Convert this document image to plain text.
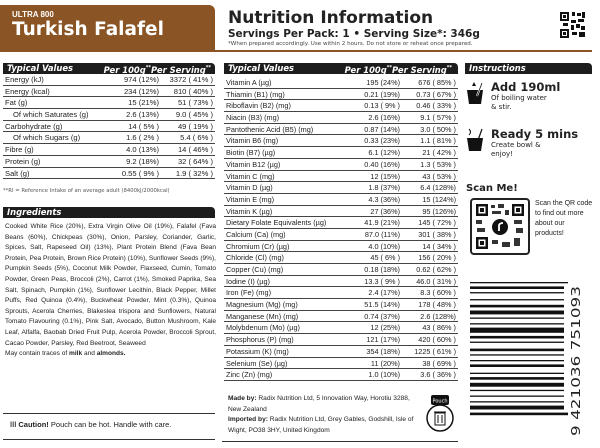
ULTRA 800
Turkish Falafel
Nutrition Information
Servings Per Pack: 1 • Serving Size*: 346g
*When prepared accordingly. Use within 2 hours. Do not store or reheat once prepared.
Typical Values	Per 100g** Per Serving**
Energy (kJ)	974 (12%)	3372 ( 41% )
Energy (kcal)	234 (12%)	810 ( 40% )
Fat (g)	15 (21%)	51 ( 73% )
Of which Saturates (g)	2.6 (13%)	9.0 ( 45% )
Carbohydrate (g)	14 ( 5% )	49 ( 19% )
Of which Sugars (g)	1.6 ( 2% )	5.4 ( 6% )
Fibre (g)	4.0 (13%)	14 ( 46% )
Protein (g)	9.2 (18%)	32 ( 64% )
Salt (g)	0.55 ( 9% )	1.9 ( 32% )
**RI = Reference Intake of an average adult (8400kJ/2000kcal)
Ingredients
Cooked White Rice (20%), Extra Virgin Olive Oil (19%), Falafel (Fava Beans (60%), Chickpeas (30%), Onion, Parsley, Coriander, Garlic, Spices, Salt, Rapeseed Oil) (13%), Plant Protein Blend (Fava Bean Protein, Pea Protein, Brown Rice Protein) (10%), Sunflower Seeds (9%), Pumpkin Seeds (5%), Coconut Milk Powder, Flaxseed, Cumin, Tomato Powder, Green Peas, Broccoli (2%), Carrot (1%), Smoked Paprika, Sea Salt, Spinach, Pumpkin (1%), Sunflower Lecithin, Black Pepper, Millet Puffs, Red Quinoa (0.4%), Buckwheat Powder, Mint (0.3%), Quinoa Sprouts, Acerola Cherries, Blakeslea trispora and Sunflowers, Natural Tomato Flavouring (0.1%), Pink Salt, Avocado, Button Mushroom, Kale Leaf, Alfalfa, Baobab Dried Fruit Pulp, Acerola Powder, Broccoli Sprout, Cacao Powder, Parsley, Red Beetroot, Seaweed
May contain traces of milk and almonds.
ǀǀǀ Caution! Pouch can be hot. Handle with care.
Typical Values	Per 100g** Per Serving**
Vitamin A (µg)	195 (24%)	676 ( 85% )
Thiamin (B1) (mg)	0.21 (19%)	0.73 ( 67% )
Riboflavin (B2) (mg)	0.13 ( 9% )	0.46 ( 33% )
Niacin (B3) (mg)	2.6 (16%)	9.1 ( 57% )
Pantothenic Acid (B5) (mg)	0.87 (14%)	3.0 ( 50% )
Vitamin B6 (mg)	0.33 (23%)	1.1 ( 81% )
Biotin (B7) (µg)	6.1 (12%)	21 ( 42% )
Vitamin B12 (µg)	0.40 (16%)	1.3 ( 53% )
Vitamin C (mg)	12 (15%)	43 ( 53% )
Vitamin D (µg)	1.8 (37%)	6.4 (128%)
Vitamin E (mg)	4.3 (36%)	15 (124%)
Vitamin K (µg)	27 (36%)	95 (126%)
Dietary Folate Equivalents (µg)	41.9 (21%)	145 ( 72% )
Calcium (Ca) (mg)	87.0 (11%)	301 ( 38% )
Chromium (Cr) (µg)	4.0 (10%)	14 ( 34% )
Chloride (Cl) (mg)	45 ( 6% )	156 ( 20% )
Copper (Cu) (mg)	0.18 (18%)	0.62 ( 62% )
Iodine (I) (µg)	13.3 ( 9% )	46.0 ( 31% )
Iron (Fe) (mg)	2.4 (17%)	8.3 ( 60% )
Magnesium (Mg) (mg)	51.5 (14%)	178 ( 48% )
Manganese (Mn) (mg)	0.74 (37%)	2.6 (128%)
Molybdenum (Mo) (µg)	12 (25%)	43 ( 86% )
Phosphorus (P) (mg)	121 (17%)	420 ( 60% )
Potassium (K) (mg)	354 (18%)	1225 ( 61% )
Selenium (Se) (µg)	11 (20%)	38 ( 69% )
Zinc (Zn) (mg)	1.0 (10%)	3.6 ( 36% )
Made by: Radix Nutrition Ltd, 5 Innovation Way, Horotiu 3288, New Zealand
Imported by: Radix Nutrition Ltd, Grey Gables, Godshill, Isle of Wight, PO38 3HY, United Kingdom
Pouch
Instructions
Add 190ml
Of boiling water & stir.
Ready 5 mins
Create bowl & enjoy!
Scan Me!
Scan the QR code to find out more about our products!
9 421036 751093
